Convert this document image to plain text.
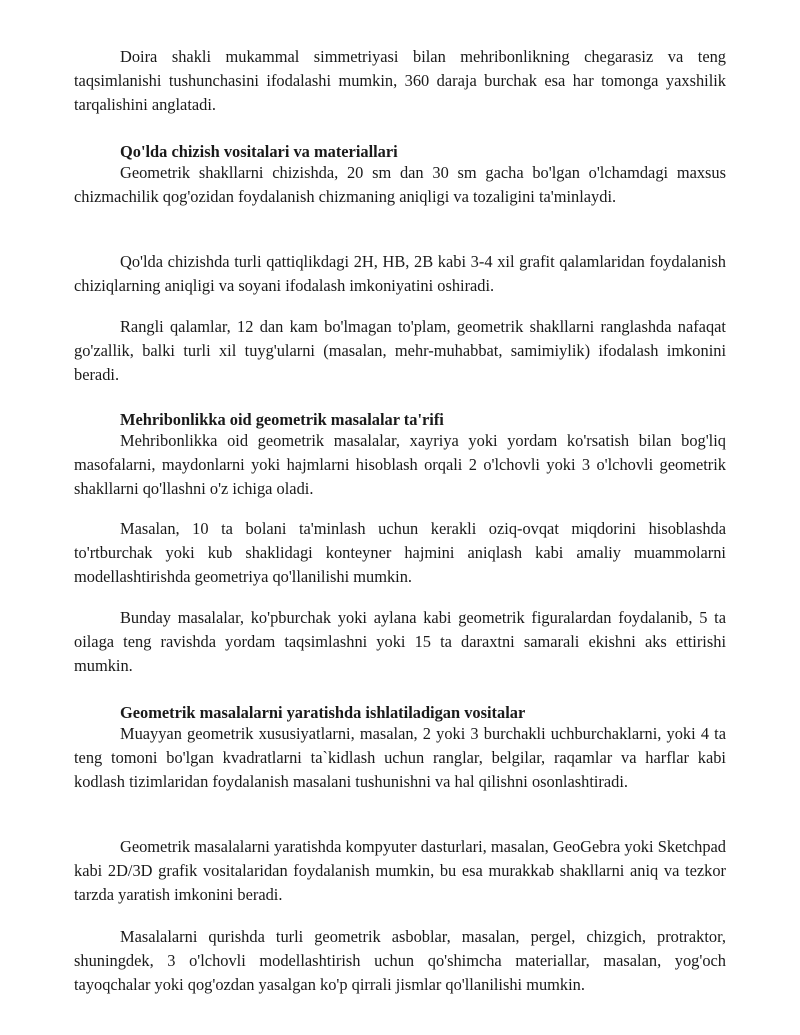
Doira shakli mukammal simmetriyasi bilan mehribonlikning chegarasiz va teng taqsimlanishi tushunchasini ifodalashi mumkin, 360 daraja burchak esa har tomonga yaxshilik tarqalishini anglatadi.

Qo'lda chizish vositalari va materiallari

Geometrik shakllarni chizishda, 20 sm dan 30 sm gacha bo'lgan o'lchamdagi maxsus chizmachilik qog'ozidan foydalanish chizmaning aniqligi va tozaligini ta'minlaydi.

Qo'lda chizishda turli qattiqlikdagi 2H, HB, 2B kabi 3-4 xil grafit qalamlaridan foydalanish chiziqlarning aniqligi va soyani ifodalash imkoniyatini oshiradi.

Rangli qalamlar, 12 dan kam bo'lmagan to'plam, geometrik shakllarni ranglashda nafaqat go'zallik, balki turli xil tuyg'ularni (masalan, mehr-muhabbat, samimiylik) ifodalash imkonini beradi.

Mehribonlikka oid geometrik masalalar ta'rifi

Mehribonlikka oid geometrik masalalar, xayriya yoki yordam ko'rsatish bilan bog'liq masofalarni, maydonlarni yoki hajmlarni hisoblash orqali 2 o'lchovli yoki 3 o'lchovli geometrik shakllarni qo'llashni o'z ichiga oladi.

Masalan, 10 ta bolani ta'minlash uchun kerakli oziq-ovqat miqdorini hisoblashda to'rtburchak yoki kub shaklidagi konteyner hajmini aniqlash kabi amaliy muammolarni modellashtirishda geometriya qo'llanilishi mumkin.

Bunday masalalar, ko'pburchak yoki aylana kabi geometrik figuralardan foydalanib, 5 ta oilaga teng ravishda yordam taqsimlashni yoki 15 ta daraxtni samarali ekishni aks ettirishi mumkin.

Geometrik masalalarni yaratishda ishlatiladigan vositalar

Muayyan geometrik xususiyatlarni, masalan, 2 yoki 3 burchakli uchburchaklarni, yoki 4 ta teng tomoni bo'lgan kvadratlarni ta`kidlash uchun ranglar, belgilar, raqamlar va harflar kabi kodlash tizimlaridan foydalanish masalani tushunishni va hal qilishni osonlashtiradi.

Geometrik masalalarni yaratishda kompyuter dasturlari, masalan, GeoGebra yoki Sketchpad kabi 2D/3D grafik vositalaridan foydalanish mumkin, bu esa murakkab shakllarni aniq va tezkor tarzda yaratish imkonini beradi.

Masalalarni qurishda turli geometrik asboblar, masalan, pergel, chizgich, protraktor, shuningdek, 3 o'lchovli modellashtirish uchun qo'shimcha materiallar, masalan, yog'och tayoqchalar yoki qog'ozdan yasalgan ko'p qirrali jismlar qo'llanilishi mumkin.
